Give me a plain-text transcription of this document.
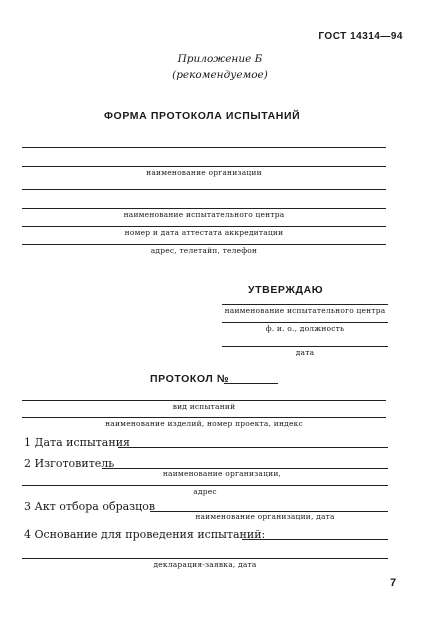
ГОСТ 14314—94
Приложение Б
(рекомендуемое)
ФОРМА ПРОТОКОЛА ИСПЫТАНИЙ
наименование организации
наименование испытательного центра
номер и дата аттестата аккредитации
адрес, телетайп, телефон
УТВЕРЖДАЮ
наименование испытательного центра
ф. и. о., должность
дата
ПРОТОКОЛ №
вид испытаний
наименование изделий, номер проекта, индекс
1 Дата испытания
2 Изготовитель
наименование организации,
адрес
3 Акт отбора образцов
наименование организации, дата
4 Основание для проведения испытаний:
декларация-заявка, дата
7
